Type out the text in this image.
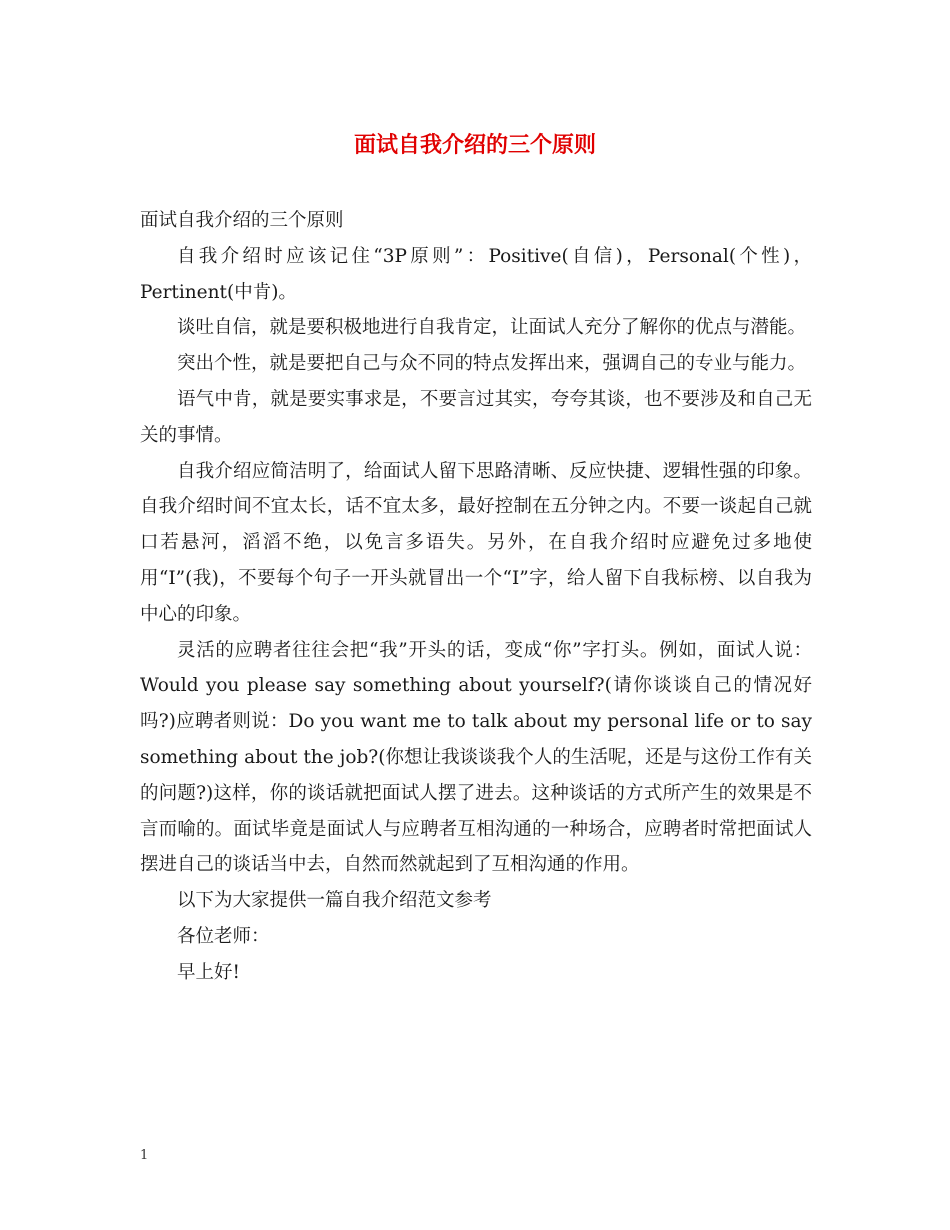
面试自我介绍的三个原则

面试自我介绍的三个原则

自我介绍时应该记住“3P原则”：Positive(自信)，Personal(个性)，Pertinent(中肯)。

谈吐自信，就是要积极地进行自我肯定，让面试人充分了解你的优点与潜能。

突出个性，就是要把自己与众不同的特点发挥出来，强调自己的专业与能力。

语气中肯，就是要实事求是，不要言过其实，夸夸其谈，也不要涉及和自己无关的事情。

自我介绍应简洁明了，给面试人留下思路清晰、反应快捷、逻辑性强的印象。自我介绍时间不宜太长，话不宜太多，最好控制在五分钟之内。不要一谈起自己就口若悬河，滔滔不绝，以免言多语失。另外，在自我介绍时应避免过多地使用“I”(我)，不要每个句子一开头就冒出一个“I”字，给人留下自我标榜、以自我为中心的印象。

灵活的应聘者往往会把“我”开头的话，变成“你”字打头。例如，面试人说：Would you please say something about yourself?(请你谈谈自己的情况好吗?)应聘者则说：Do you want me to talk about my personal life or to say something about the job?(你想让我谈谈我个人的生活呢，还是与这份工作有关的问题?)这样，你的谈话就把面试人摆了进去。这种谈话的方式所产生的效果是不言而喻的。面试毕竟是面试人与应聘者互相沟通的一种场合，应聘者时常把面试人摆进自己的谈话当中去，自然而然就起到了互相沟通的作用。

以下为大家提供一篇自我介绍范文参考

各位老师：

早上好!

1
